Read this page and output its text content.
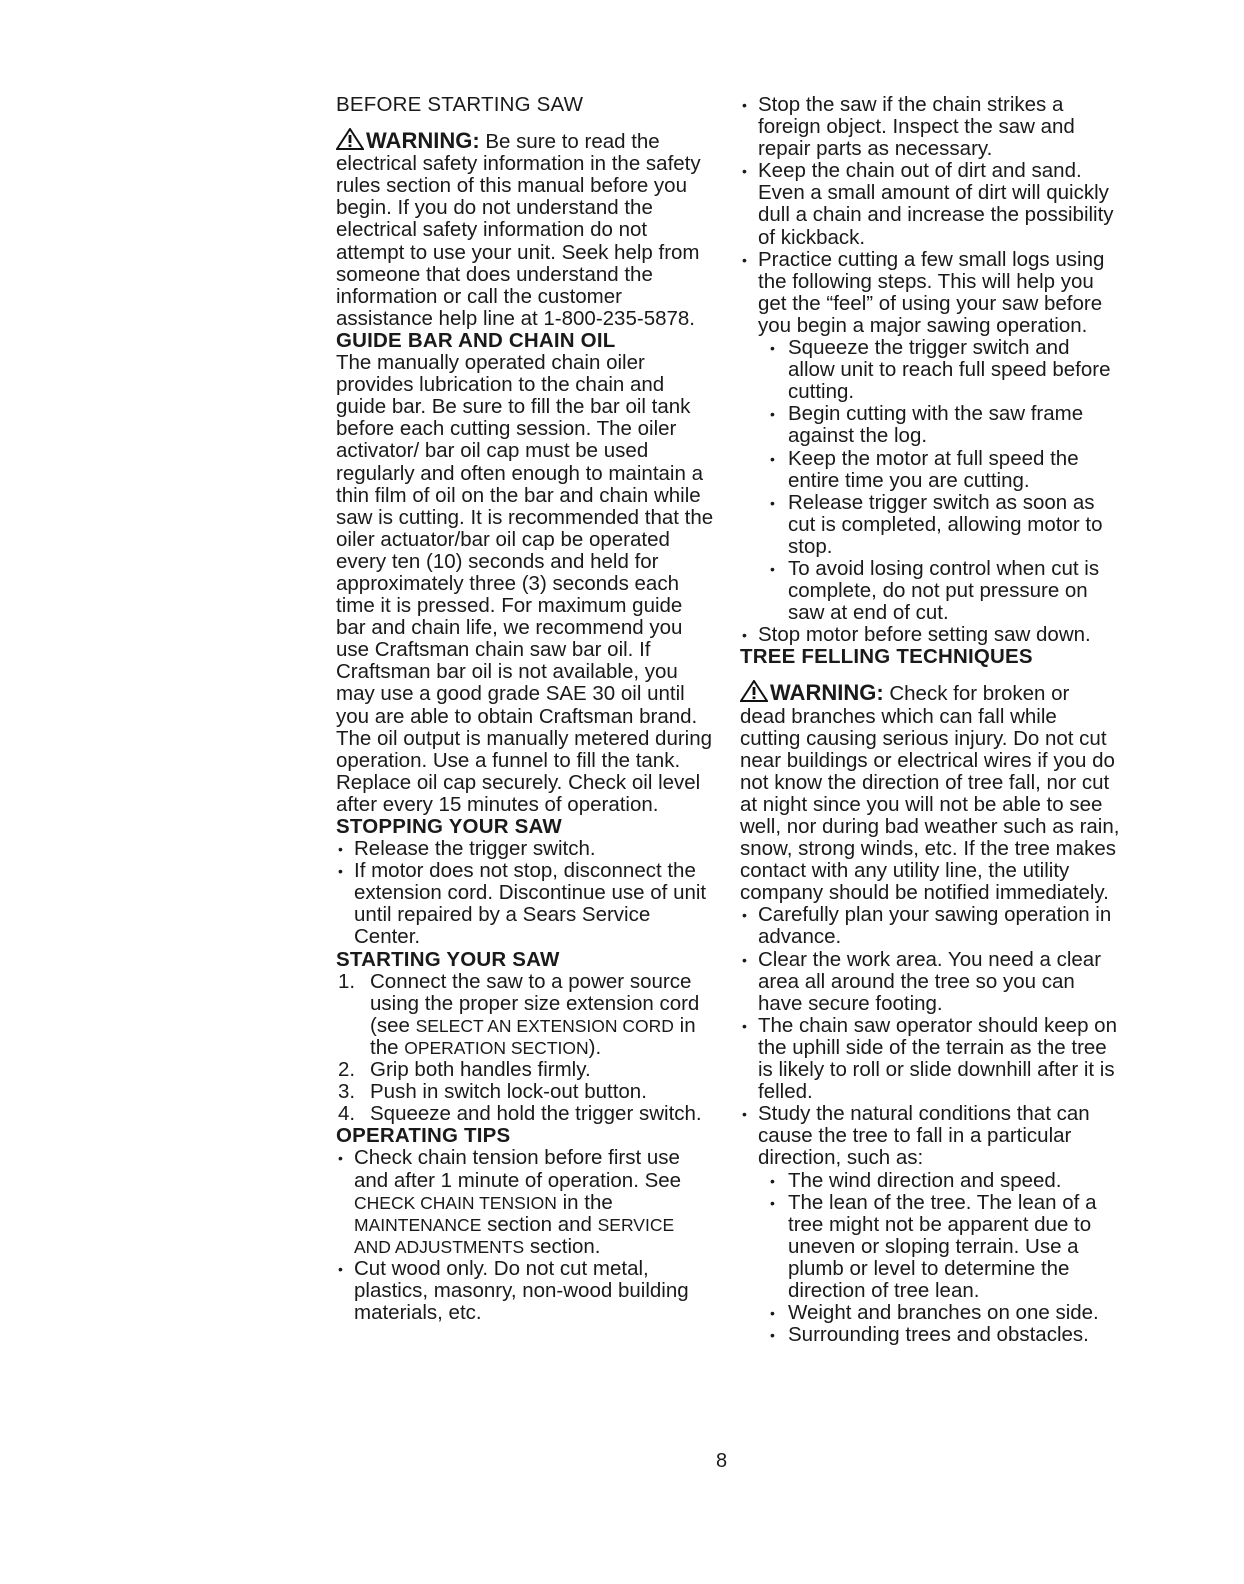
BEFORE STARTING SAW

WARNING: Be sure to read the electrical safety information in the safety rules section of this manual before you begin. If you do not understand the electrical safety information do not attempt to use your unit. Seek help from someone that does understand the information or call the customer assistance help line at 1-800-235-5878.

GUIDE BAR AND CHAIN OIL

The manually operated chain oiler provides lubrication to the chain and guide bar. Be sure to fill the bar oil tank before each cutting session. The oiler activator/ bar oil cap must be used regularly and often enough to maintain a thin film of oil on the bar and chain while saw is cutting. It is recommended that the oiler actuator/bar oil cap be operated every ten (10) seconds and held for approximately three (3) seconds each time it is pressed. For maximum guide bar and chain life, we recommend you use Craftsman chain saw bar oil. If Craftsman bar oil is not available, you may use a good grade SAE 30 oil until you are able to obtain Craftsman brand. The oil output is manually metered during operation. Use a funnel to fill the tank. Replace oil cap securely. Check oil level after every 15 minutes of operation.

STOPPING YOUR SAW
• Release the trigger switch.
• If motor does not stop, disconnect the extension cord. Discontinue use of unit until repaired by a Sears Service Center.
STARTING YOUR SAW
1. Connect the saw to a power source using the proper size extension cord (see SELECT AN EXTENSION CORD in the OPERATION SECTION).
2. Grip both handles firmly.
3. Push in switch lock-out button.
4. Squeeze and hold the trigger switch.
OPERATING TIPS
• Check chain tension before first use and after 1 minute of operation. See CHECK CHAIN TENSION in the MAINTENANCE section and SERVICE AND ADJUSTMENTS section.
• Cut wood only. Do not cut metal, plastics, masonry, non-wood building materials, etc.
• Stop the saw if the chain strikes a foreign object. Inspect the saw and repair parts as necessary.
• Keep the chain out of dirt and sand. Even a small amount of dirt will quickly dull a chain and increase the possibility of kickback.
• Practice cutting a few small logs using the following steps. This will help you get the “feel” of using your saw before you begin a major sawing operation.
• Squeeze the trigger switch and allow unit to reach full speed before cutting.
• Begin cutting with the saw frame against the log.
• Keep the motor at full speed the entire time you are cutting.
• Release trigger switch as soon as cut is completed, allowing motor to stop.
• To avoid losing control when cut is complete, do not put pressure on saw at end of cut.
• Stop motor before setting saw down.
TREE FELLING TECHNIQUES

WARNING: Check for broken or dead branches which can fall while cutting causing serious injury. Do not cut near buildings or electrical wires if you do not know the direction of tree fall, nor cut at night since you will not be able to see well, nor during bad weather such as rain, snow, strong winds, etc. If the tree makes contact with any utility line, the utility company should be notified immediately.

• Carefully plan your sawing operation in advance.
• Clear the work area. You need a clear area all around the tree so you can have secure footing.
• The chain saw operator should keep on the uphill side of the terrain as the tree is likely to roll or slide downhill after it is felled.
• Study the natural conditions that can cause the tree to fall in a particular direction, such as:
• The wind direction and speed.
• The lean of the tree. The lean of a tree might not be apparent due to uneven or sloping terrain. Use a plumb or level to determine the direction of tree lean.
• Weight and branches on one side.
• Surrounding trees and obstacles.
8
